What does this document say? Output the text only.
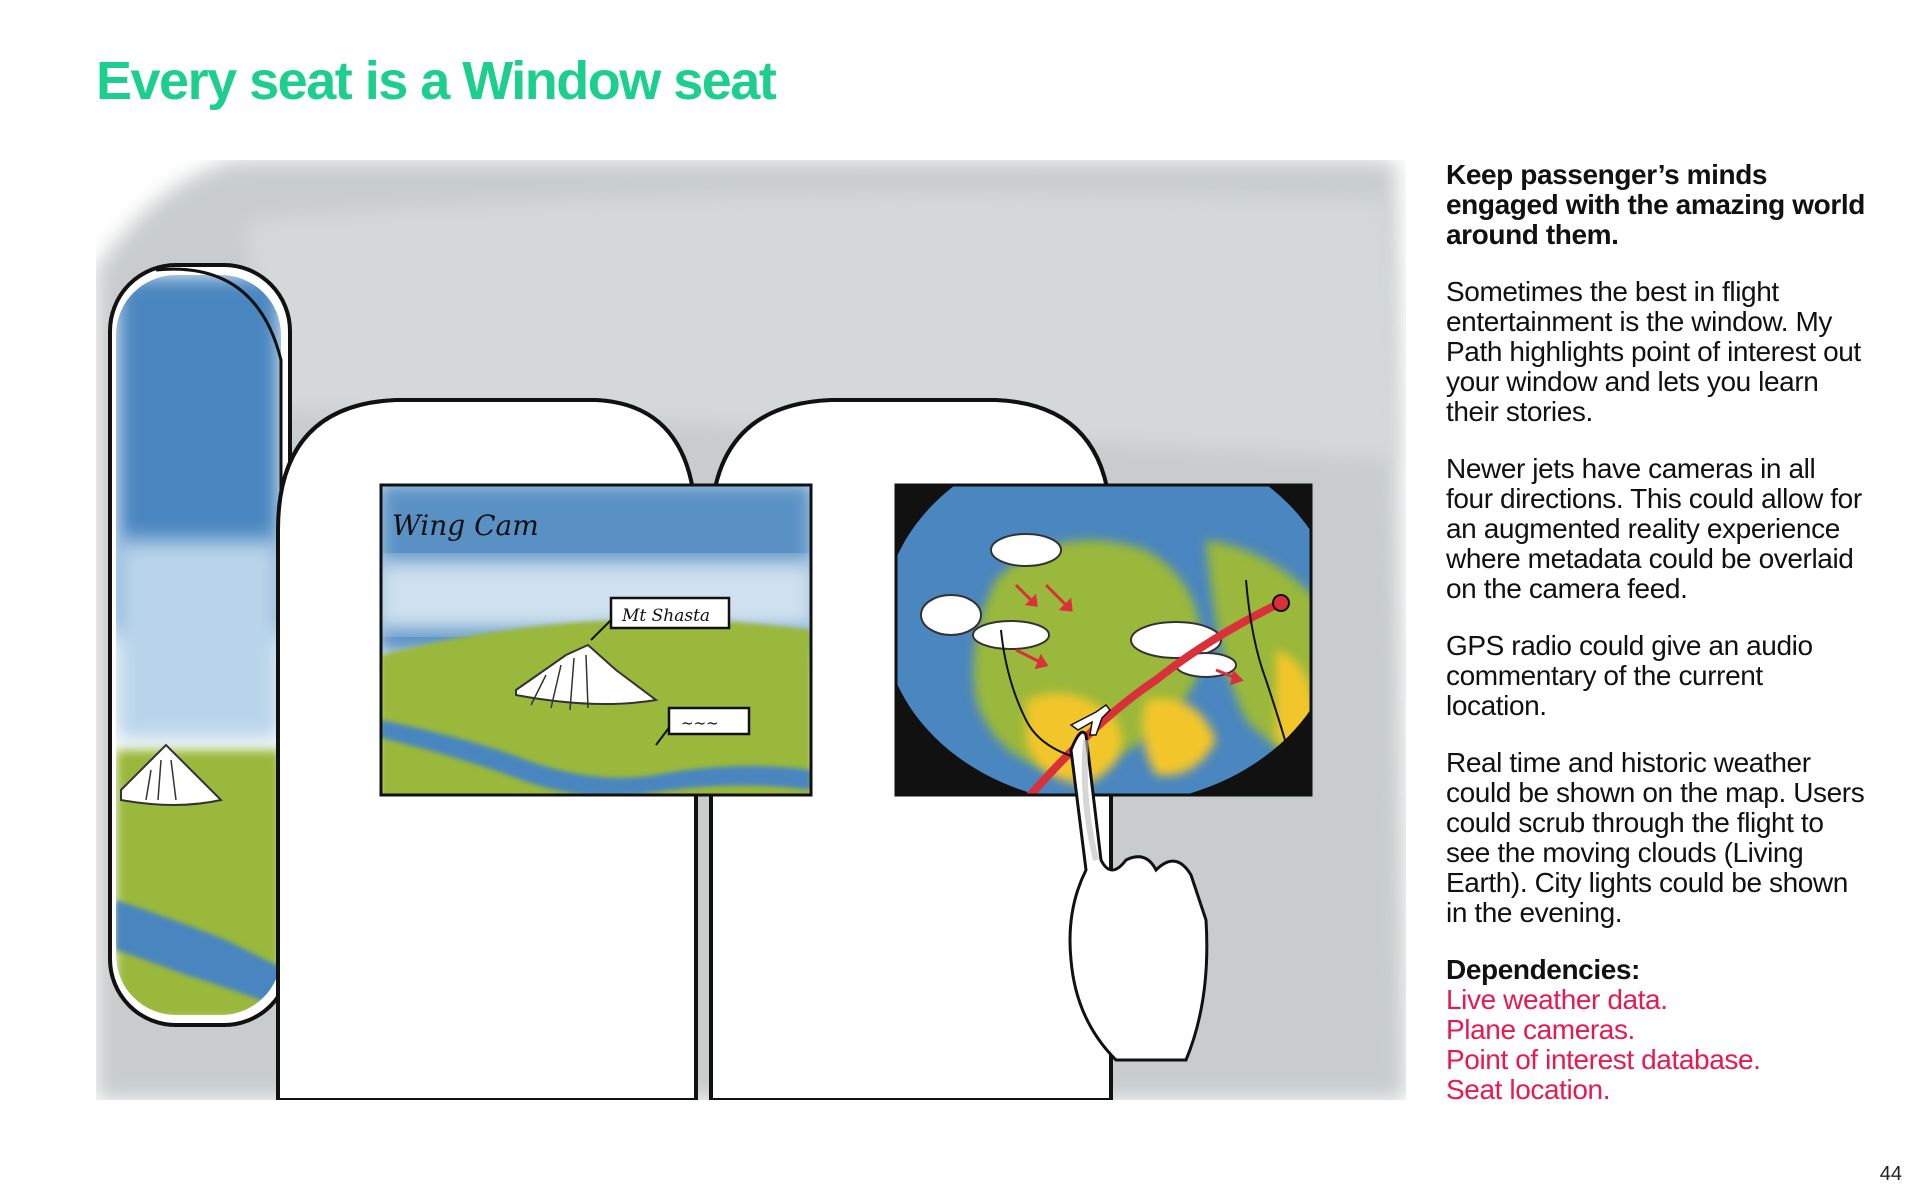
Every seat is a Window seat
Wing Cam
Mt Shasta
~~~

Keep passenger’s minds engaged with the amazing world around them.

Sometimes the best in flight entertainment is the window. My Path highlights point of interest out your window and lets you learn their stories.

Newer jets have cameras in all four directions. This could allow for an augmented reality experience where metadata could be overlaid on the camera feed.

GPS radio could give an audio commentary of the current location.

Real time and historic weather could be shown on the map. Users could scrub through the flight to see the moving clouds (Living Earth). City lights could be shown in the evening.

Dependencies:
Live weather data.
Plane cameras.
Point of interest database.
Seat location.
44
